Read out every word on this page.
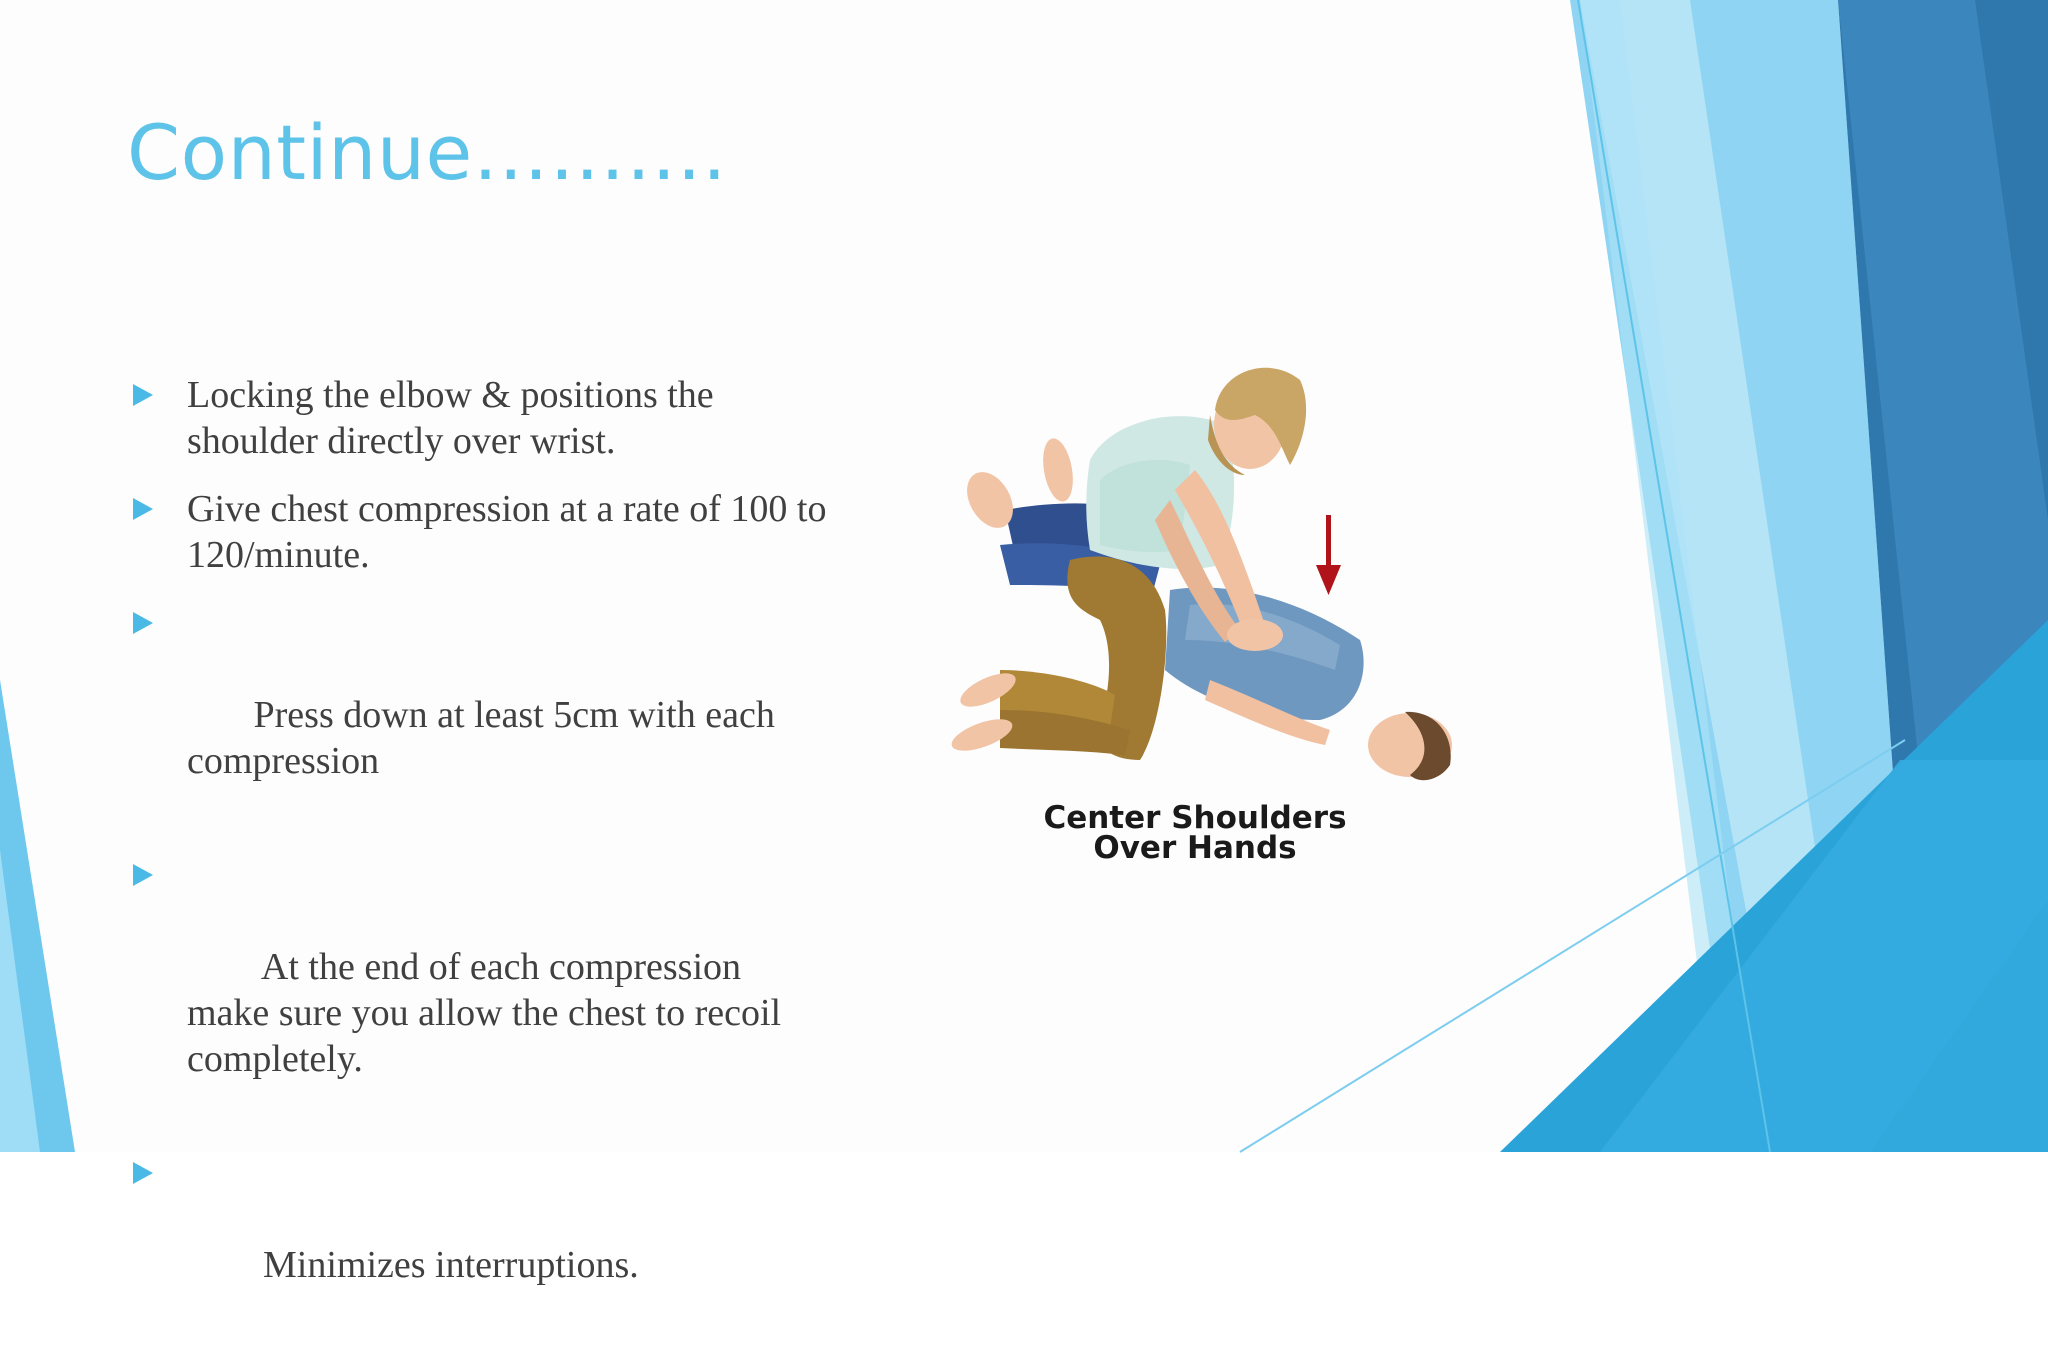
Continue……….
Locking the elbow & positions the shoulder directly over wrist.
Give chest compression at a rate of 100 to 120/minute.

Press down at least 5cm with each compression

At the end of each compression make sure you allow the chest to recoil completely.

Minimizes interruptions.

Center Shoulders
Over Hands
